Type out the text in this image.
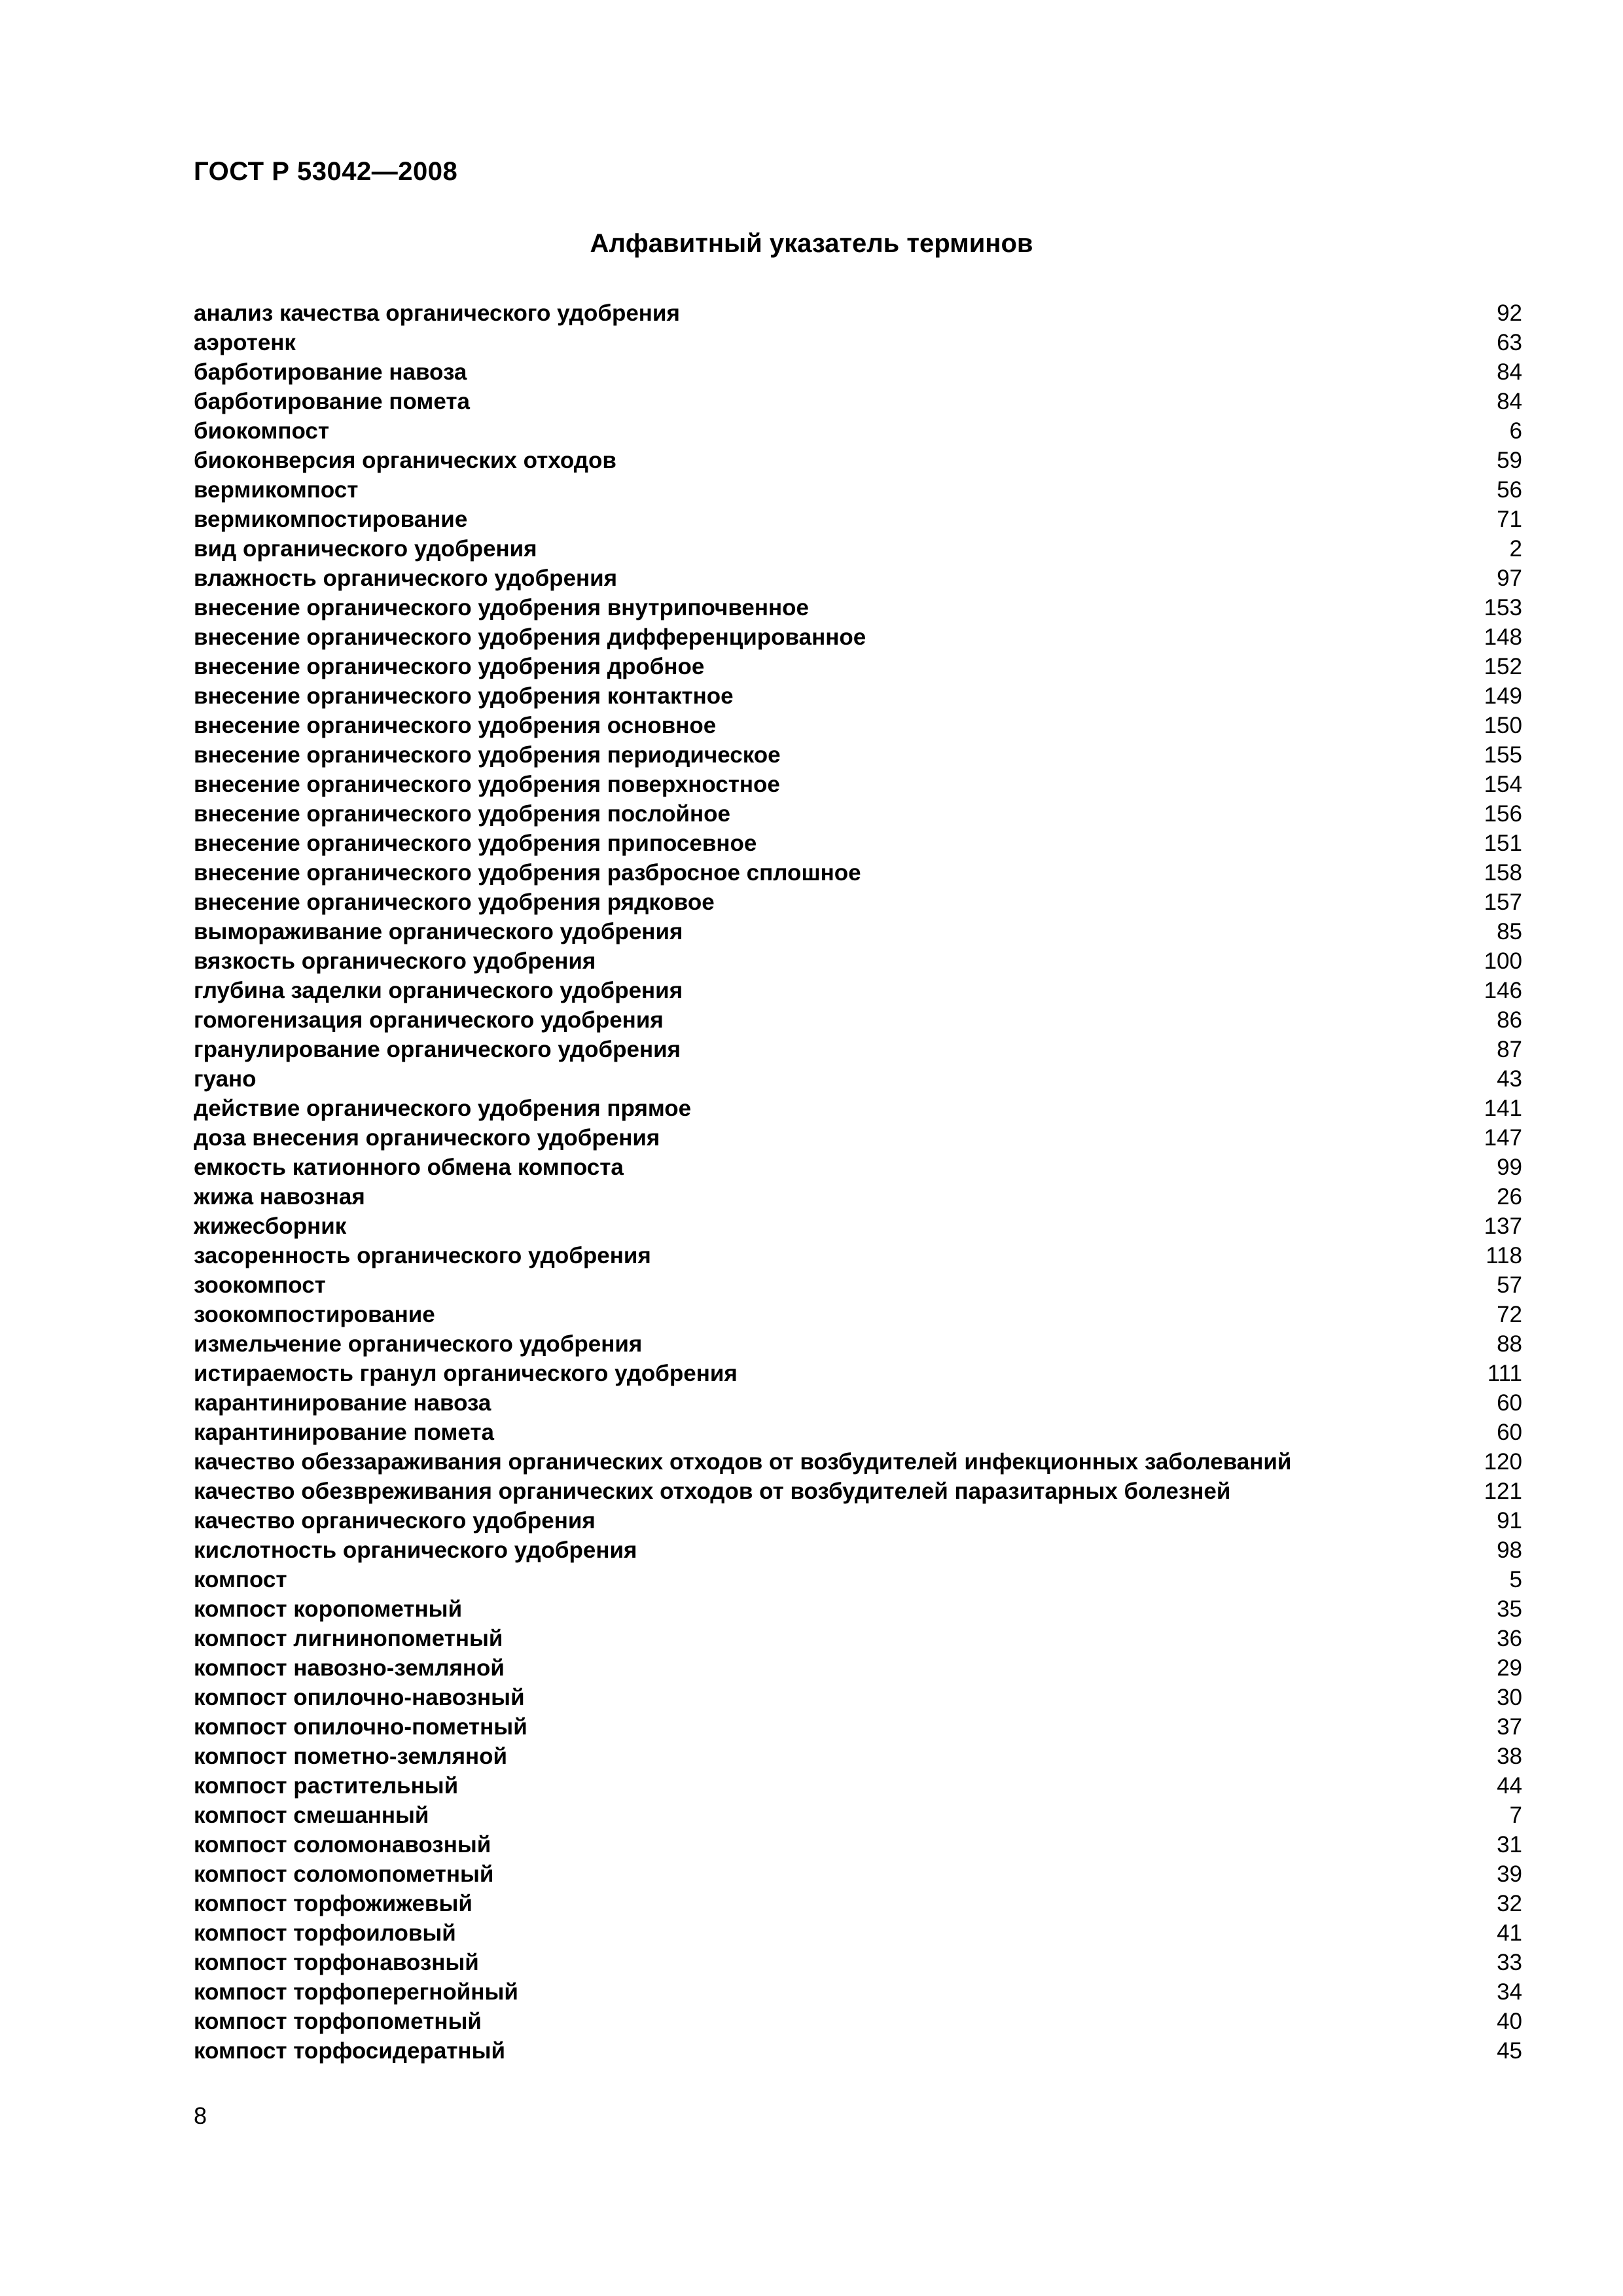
ГОСТ Р 53042—2008
Алфавитный указатель терминов
анализ качества органического удобрения	92
аэротенк	63
барботирование навоза	84
барботирование помета	84
биокомпост	6
биоконверсия органических отходов	59
вермикомпост	56
вермикомпостирование	71
вид органического удобрения	2
влажность органического удобрения	97
внесение органического удобрения внутрипочвенное	153
внесение органического удобрения дифференцированное	148
внесение органического удобрения дробное	152
внесение органического удобрения контактное	149
внесение органического удобрения основное	150
внесение органического удобрения периодическое	155
внесение органического удобрения поверхностное	154
внесение органического удобрения послойное	156
внесение органического удобрения припосевное	151
внесение органического удобрения разбросное сплошное	158
внесение органического удобрения рядковое	157
вымораживание органического удобрения	85
вязкость органического удобрения	100
глубина заделки органического удобрения	146
гомогенизация органического удобрения	86
гранулирование органического удобрения	87
гуано	43
действие органического удобрения прямое	141
доза внесения органического удобрения	147
емкость катионного обмена компоста	99
жижа навозная	26
жижесборник	137
засоренность органического удобрения	118
зоокомпост	57
зоокомпостирование	72
измельчение органического удобрения	88
истираемость гранул органического удобрения	111
карантинирование навоза	60
карантинирование помета	60
качество обеззараживания органических отходов от возбудителей инфекционных заболеваний	120
качество обезвреживания органических отходов от возбудителей паразитарных болезней	121
качество органического удобрения	91
кислотность органического удобрения	98
компост	5
компост коропометный	35
компост лигнинопометный	36
компост навозно-земляной	29
компост опилочно-навозный	30
компост опилочно-пометный	37
компост пометно-земляной	38
компост растительный	44
компост смешанный	7
компост соломонавозный	31
компост соломопометный	39
компост торфожижевый	32
компост торфоиловый	41
компост торфонавозный	33
компост торфоперегнойный	34
компост торфопометный	40
компост торфосидератный	45
8
